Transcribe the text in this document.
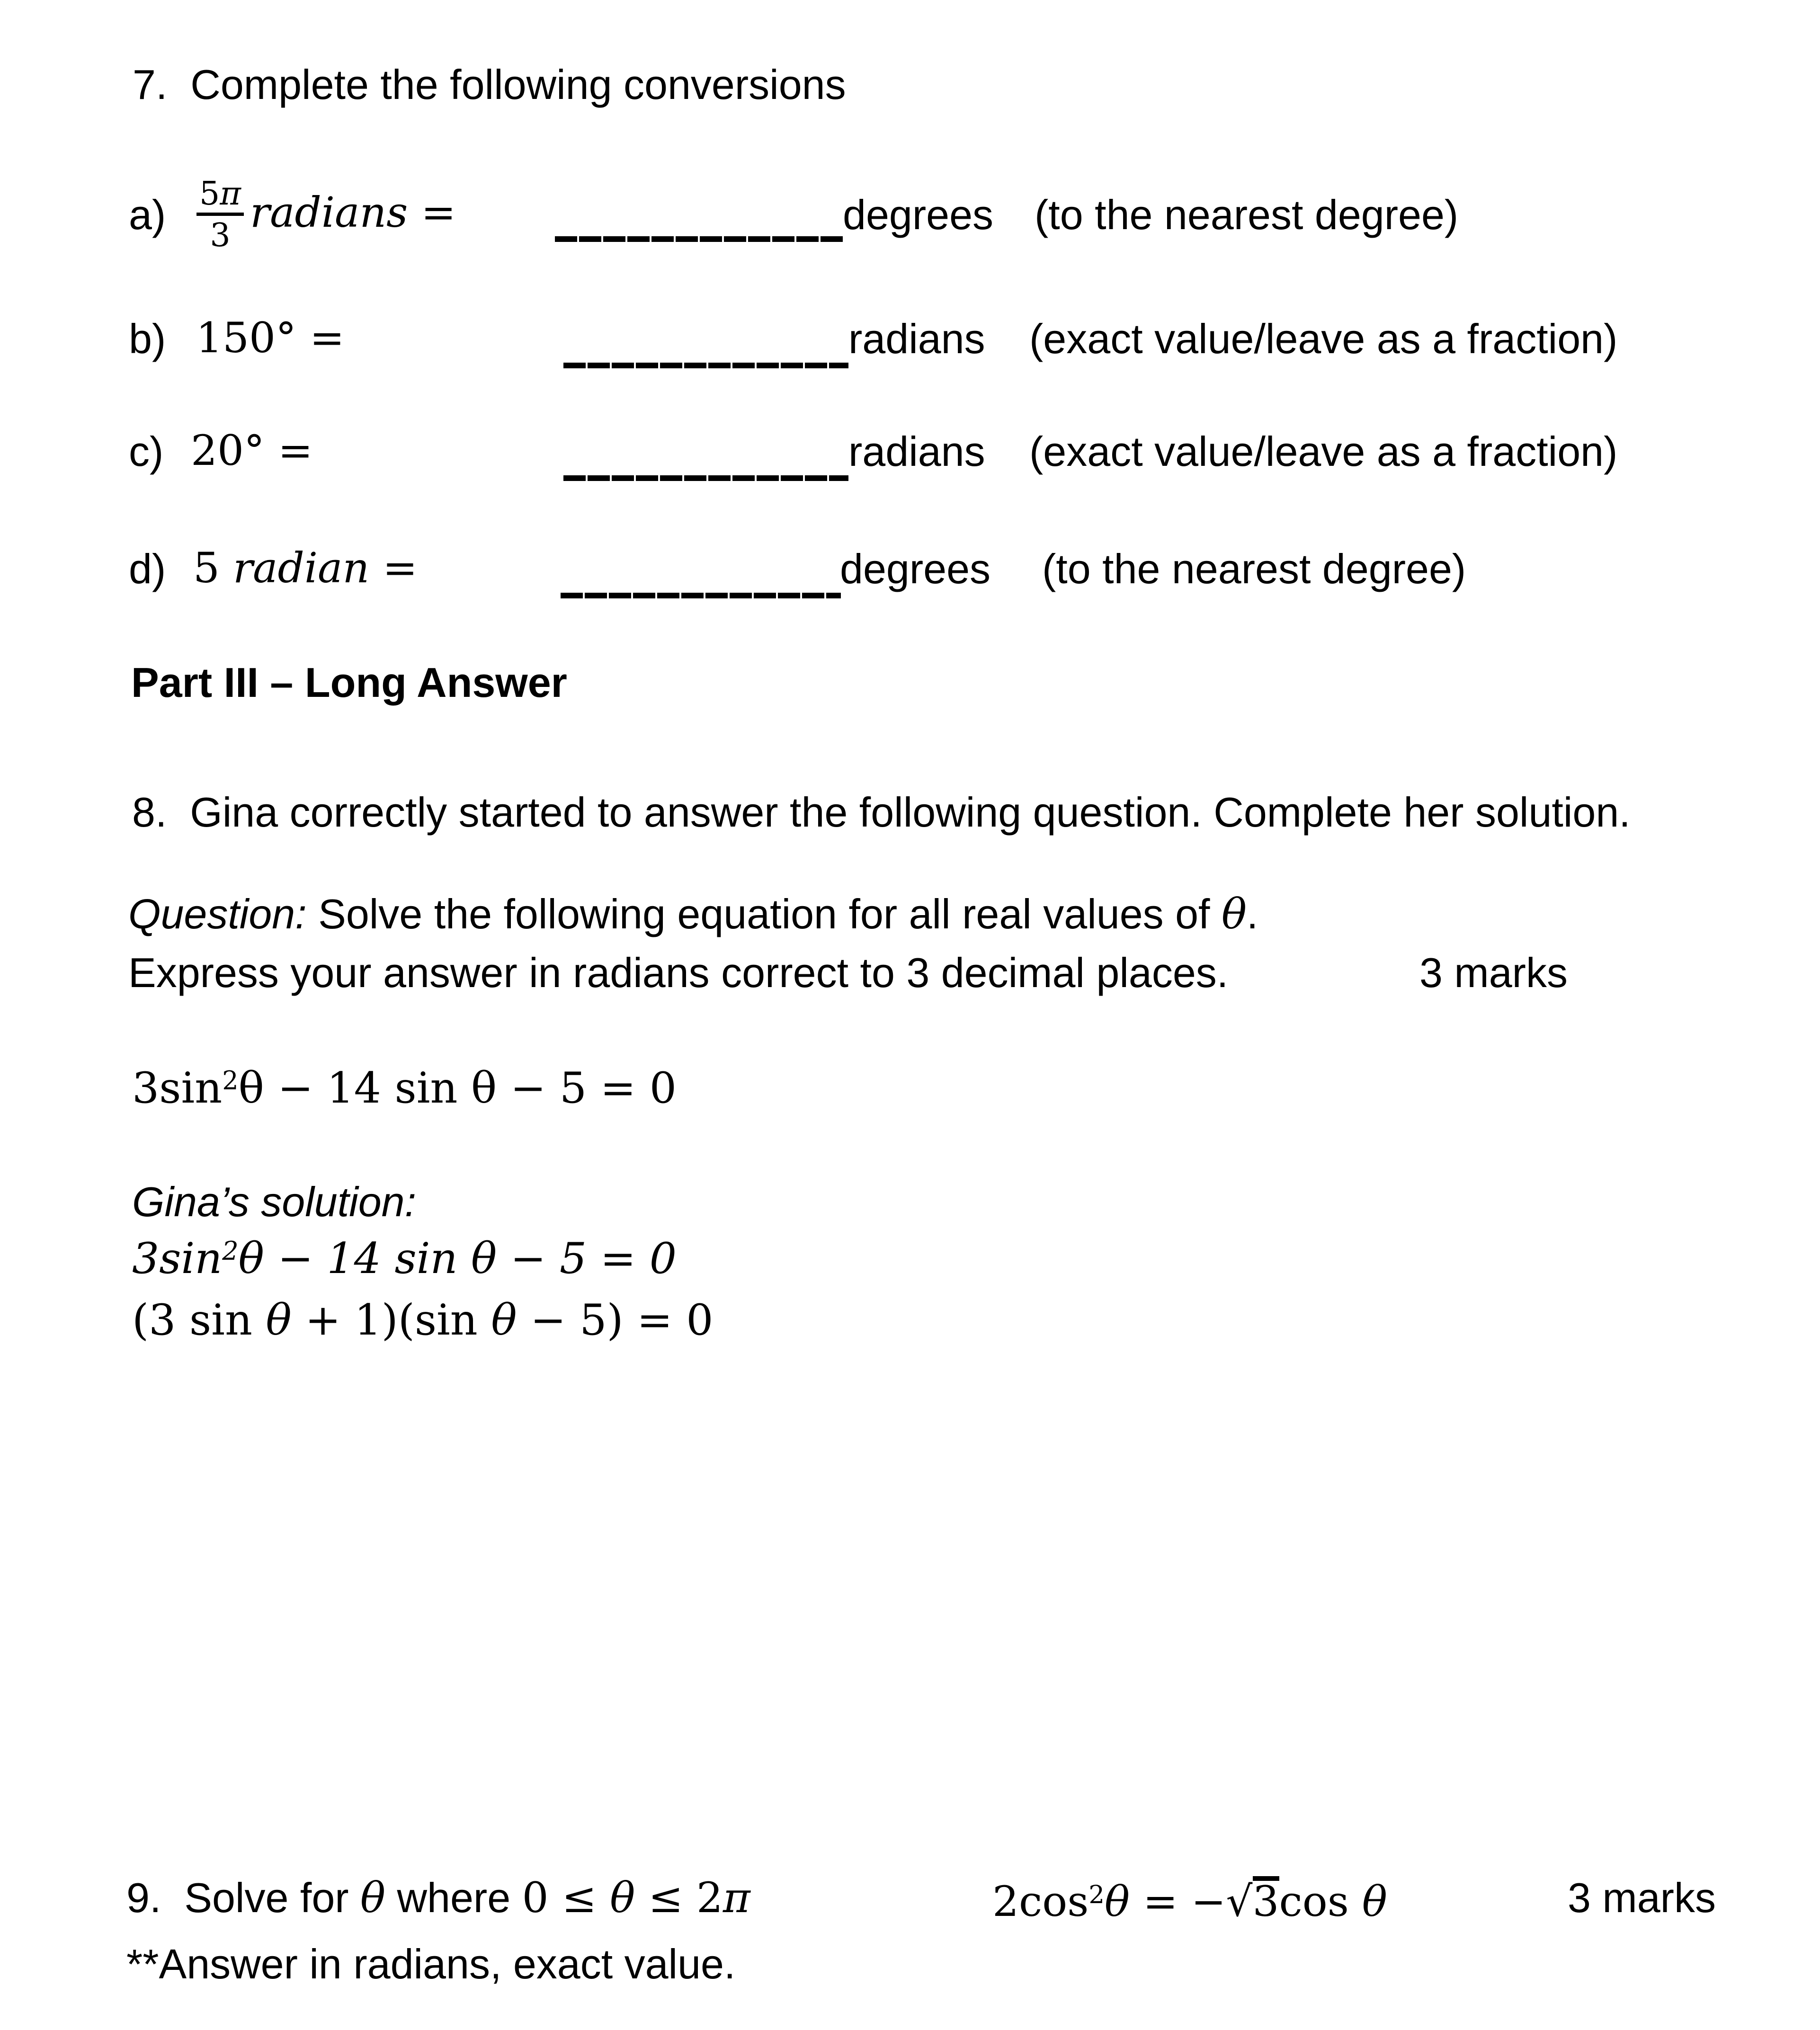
7.  Complete the following conversions
$a) \frac{5\pi}{3}$ radians =	degrees (to the nearest degree)
b) 150° =	radians (exact value/leave as a fraction)
c) 20° =	radians (exact value/leave as a fraction)
d) 5 radian =	degrees (to the nearest degree)
Part III – Long Answer
8.  Gina correctly started to answer the following question. Complete her solution.
Question: Solve the following equation for all real values of θ.
Express your answer in radians correct to 3 decimal places.	3 marks
$3\sin^2\theta - 14$ sin θ − 5 = 0
Gina’s solution:
$3\sin^2\theta - 14$ sin θ − 5 = 0
(3 sin θ + 1)(sin θ − 5) = 0
9.  Solve for θ where 0 ≤ θ ≤ 2π	$2\cos^2\theta = -√3\cos$ θ	3 marks
**Answer in radians, exact value.
